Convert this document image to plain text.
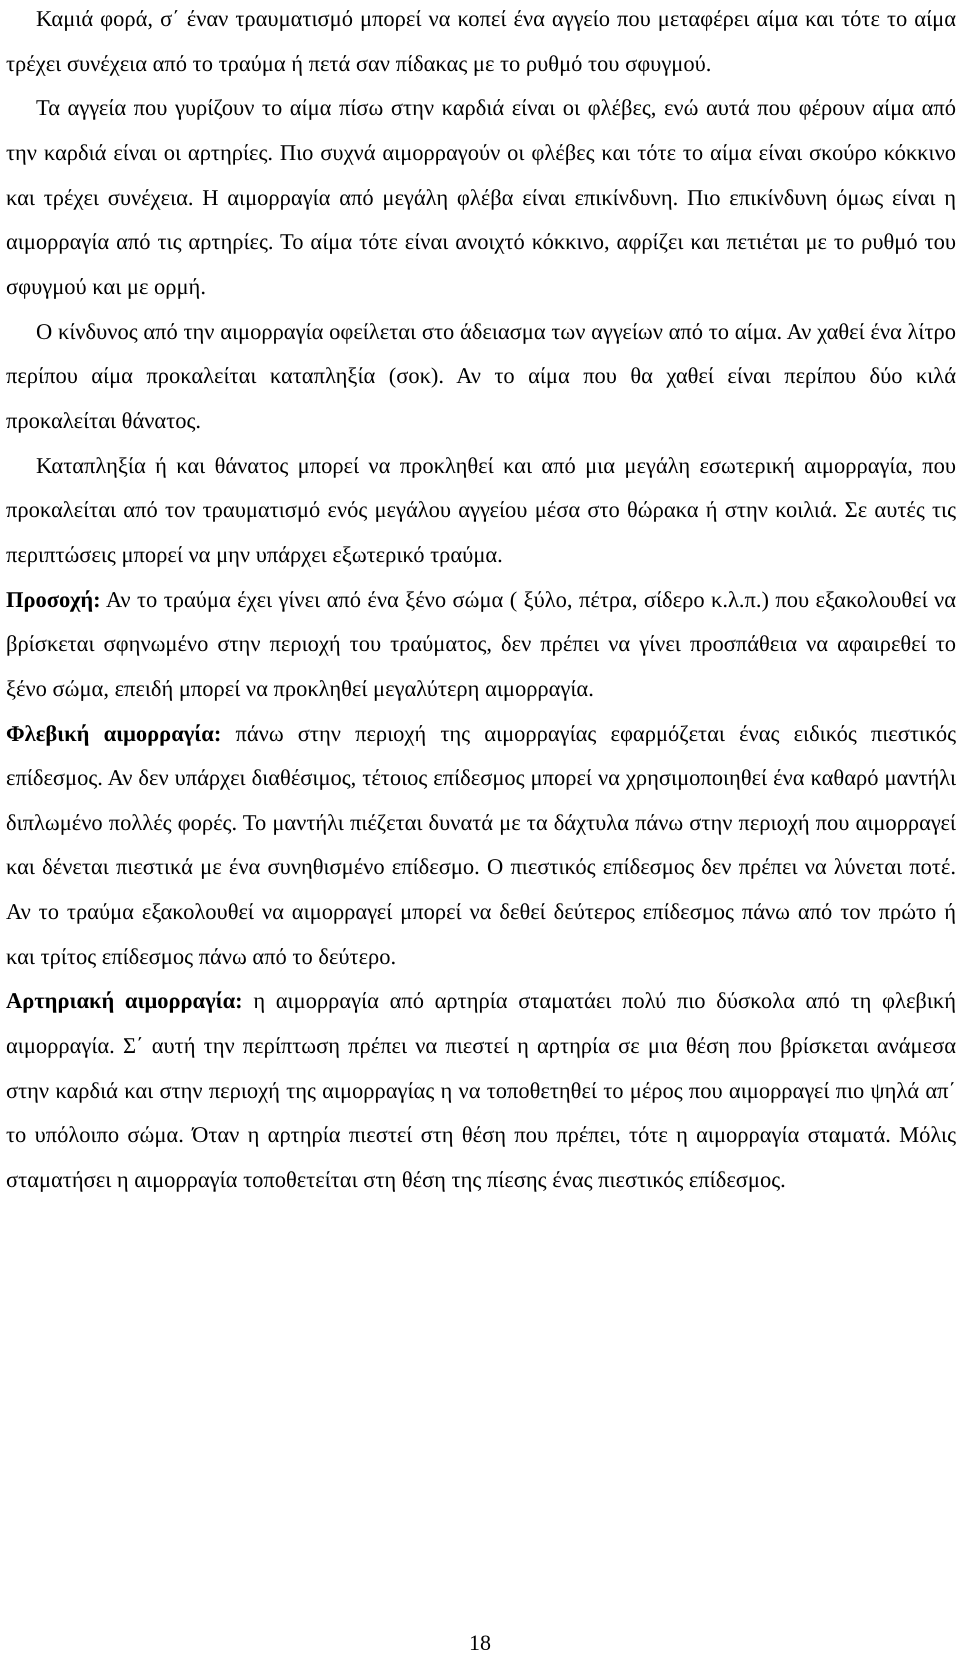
Καμιά φορά, σ΄ έναν τραυματισμό μπορεί να κοπεί ένα αγγείο που μεταφέρει αίμα και τότε το αίμα τρέχει συνέχεια από το τραύμα ή πετά σαν πίδακας με το ρυθμό του σφυγμού.

Τα αγγεία που γυρίζουν το αίμα πίσω στην καρδιά είναι οι φλέβες, ενώ αυτά που φέρουν αίμα από την καρδιά είναι οι αρτηρίες. Πιο συχνά αιμορραγούν οι φλέβες και τότε το αίμα είναι σκούρο κόκκινο και τρέχει συνέχεια. Η αιμορραγία από μεγάλη φλέβα είναι επικίνδυνη. Πιο επικίνδυνη όμως είναι η αιμορραγία από τις αρτηρίες. Το αίμα τότε είναι ανοιχτό κόκκινο, αφρίζει και πετιέται με το ρυθμό του σφυγμού και με ορμή.

Ο κίνδυνος από την αιμορραγία οφείλεται στο άδειασμα των αγγείων από το αίμα. Αν χαθεί ένα λίτρο περίπου αίμα προκαλείται καταπληξία (σοκ). Αν το αίμα που θα χαθεί είναι περίπου δύο κιλά προκαλείται θάνατος.

Καταπληξία ή και θάνατος μπορεί να προκληθεί και από μια μεγάλη εσωτερική αιμορραγία, που προκαλείται από τον τραυματισμό ενός μεγάλου αγγείου μέσα στο θώρακα ή στην κοιλιά. Σε αυτές τις περιπτώσεις μπορεί να μην υπάρχει εξωτερικό τραύμα.

Προσοχή: Αν το τραύμα έχει γίνει από ένα ξένο σώμα ( ξύλο, πέτρα, σίδερο κ.λ.π.) που εξακολουθεί να βρίσκεται σφηνωμένο στην περιοχή του τραύματος, δεν πρέπει να γίνει προσπάθεια να αφαιρεθεί το ξένο σώμα, επειδή μπορεί να προκληθεί μεγαλύτερη αιμορραγία.

Φλεβική αιμορραγία: πάνω στην περιοχή της αιμορραγίας εφαρμόζεται ένας ειδικός πιεστικός επίδεσμος. Αν δεν υπάρχει διαθέσιμος, τέτοιος επίδεσμος μπορεί να χρησιμοποιηθεί ένα καθαρό μαντήλι διπλωμένο πολλές φορές. Το μαντήλι πιέζεται δυνατά με τα δάχτυλα πάνω στην περιοχή που αιμορραγεί και δένεται πιεστικά με ένα συνηθισμένο επίδεσμο. Ο πιεστικός επίδεσμος δεν πρέπει να λύνεται ποτέ. Αν το τραύμα εξακολουθεί να αιμορραγεί μπορεί να δεθεί δεύτερος επίδεσμος πάνω από τον πρώτο ή και τρίτος επίδεσμος πάνω από το δεύτερο.

Αρτηριακή αιμορραγία: η αιμορραγία από αρτηρία σταματάει πολύ πιο δύσκολα από τη φλεβική αιμορραγία. Σ΄ αυτή την περίπτωση πρέπει να πιεστεί η αρτηρία σε μια θέση που βρίσκεται ανάμεσα στην καρδιά και στην περιοχή της αιμορραγίας η να τοποθετηθεί το μέρος που αιμορραγεί πιο ψηλά απ΄ το υπόλοιπο σώμα. Όταν η αρτηρία πιεστεί στη θέση που πρέπει, τότε η αιμορραγία σταματά. Μόλις σταματήσει η αιμορραγία τοποθετείται στη θέση της πίεσης ένας πιεστικός επίδεσμος.

18
